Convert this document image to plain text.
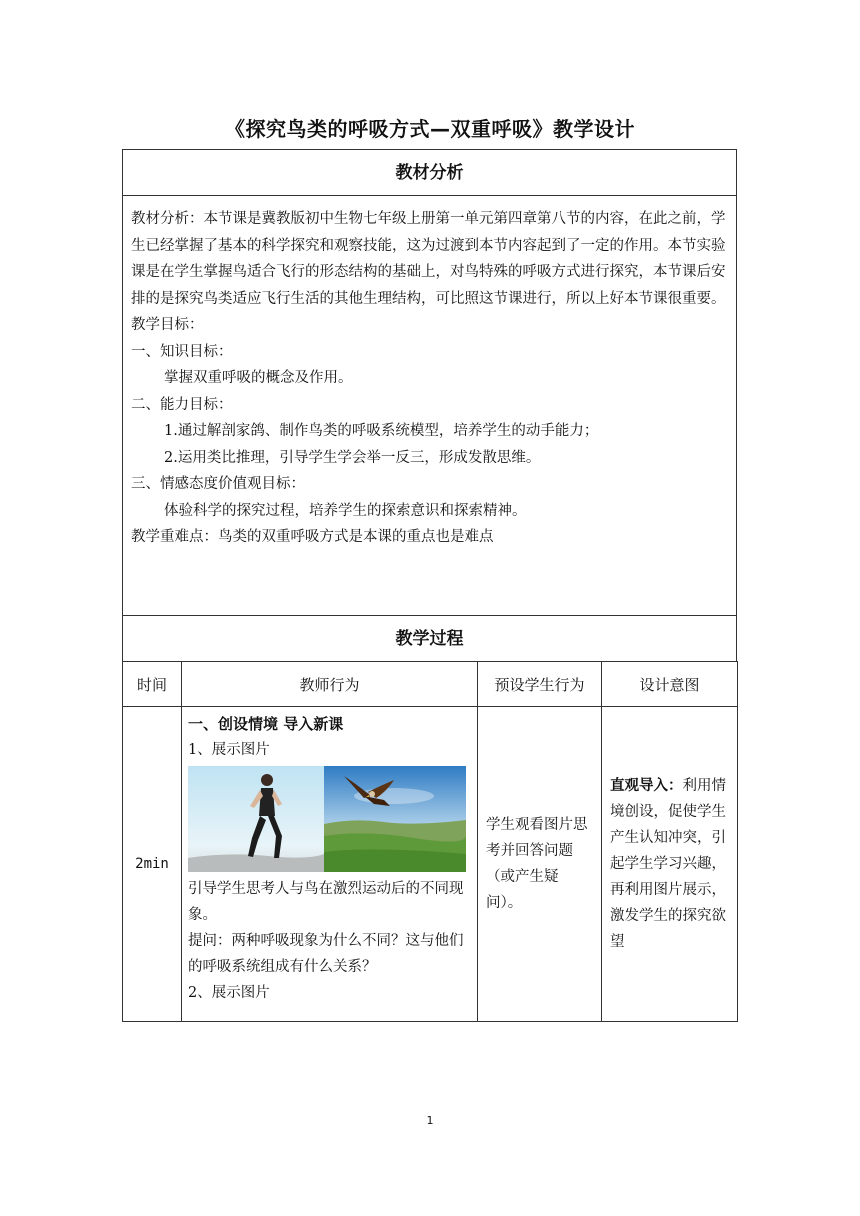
《探究鸟类的呼吸方式—双重呼吸》教学设计
教材分析

教材分析：本节课是冀教版初中生物七年级上册第一单元第四章第八节的内容，在此之前，学生已经掌握了基本的科学探究和观察技能，这为过渡到本节内容起到了一定的作用。本节实验课是在学生掌握鸟适合飞行的形态结构的基础上，对鸟特殊的呼吸方式进行探究，本节课后安排的是探究鸟类适应飞行生活的其他生理结构，可比照这节课进行，所以上好本节课很重要。

教学目标：

一、知识目标：

掌握双重呼吸的概念及作用。

二、能力目标：

1.通过解剖家鸽、制作鸟类的呼吸系统模型，培养学生的动手能力；

2.运用类比推理，引导学生学会举一反三，形成发散思维。

三、情感态度价值观目标：

体验科学的探究过程，培养学生的探索意识和探索精神。

教学重难点：鸟类的双重呼吸方式是本课的重点也是难点

教学过程
时间	教师行为	预设学生行为	设计意图
2min	一、创设情境 导入新课
1、展示图片
引导学生思考人与鸟在激烈运动后的不同现象。
提问：两种呼吸现象为什么不同？这与他们的呼吸系统组成有什么关系？
2、展示图片	学生观看图片思考并回答问题（或产生疑问）。	直观导入：利用情境创设，促使学生产生认知冲突，引起学生学习兴趣，再利用图片展示，激发学生的探究欲望
1
